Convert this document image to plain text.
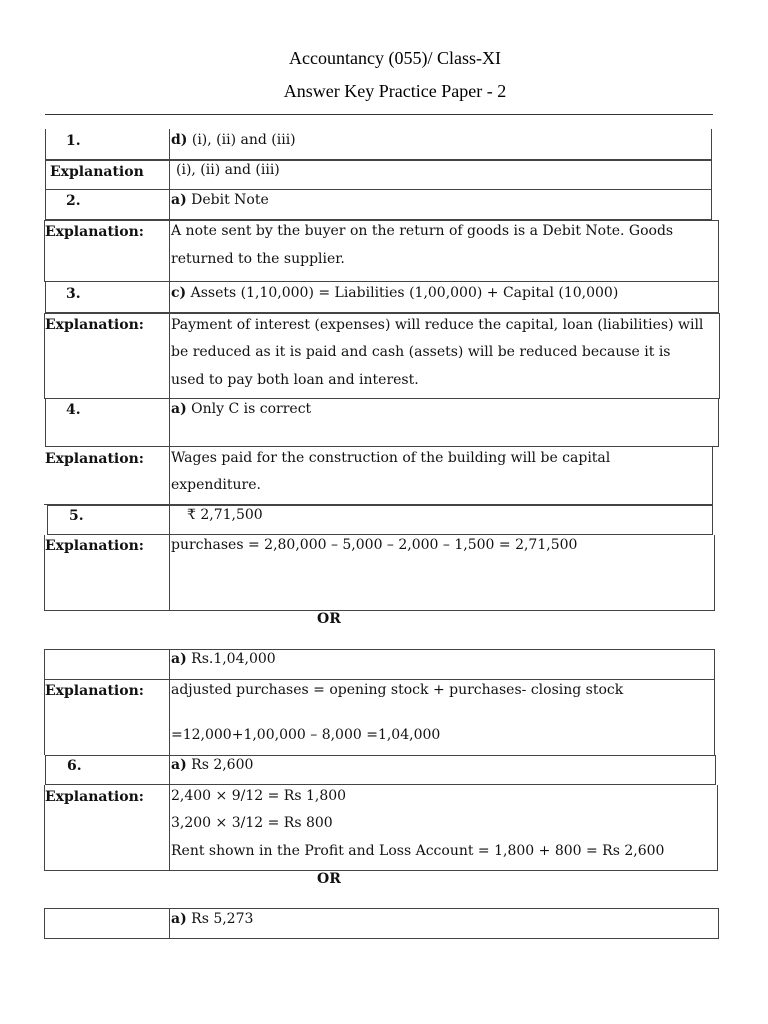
Accountancy (055)/ Class-XI
Answer Key Practice Paper - 2
1.	d) (i), (ii) and (iii)
Explanation (i), (ii) and (iii)
2.	a) Debit Note
Explanation: A note sent by the buyer on the return of goods is a Debit Note. Goods
returned to the supplier.
3.	c) Assets (1,10,000) = Liabilities (1,00,000) + Capital (10,000)
Explanation: Payment of interest (expenses) will reduce the capital, loan (liabilities) will
be reduced as it is paid and cash (assets) will be reduced because it is
used to pay both loan and interest.
4.	a) Only C is correct
Explanation: Wages paid for the construction of the building will be capital
expenditure.
5.	₹ 2,71,500
Explanation: purchases = 2,80,000 – 5,000 – 2,000 – 1,500 = 2,71,500
OR
a) Rs.1,04,000
Explanation: adjusted purchases = opening stock + purchases- closing stock
=12,000+1,00,000 – 8,000 =1,04,000
6.	a) Rs 2,600
Explanation: 2,400 × 9/12 = Rs 1,800
3,200 × 3/12 = Rs 800
Rent shown in the Profit and Loss Account = 1,800 + 800 = Rs 2,600
OR
a) Rs 5,273
